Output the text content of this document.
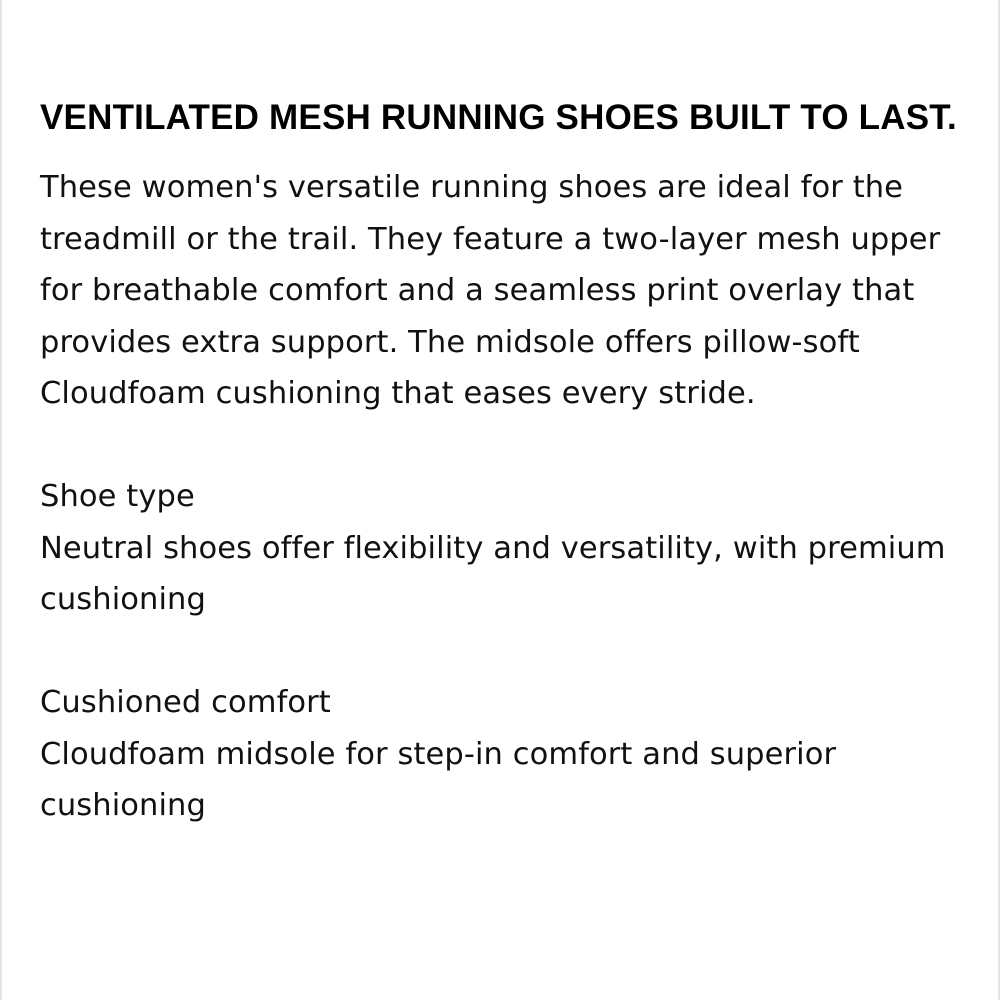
VENTILATED MESH RUNNING SHOES BUILT TO LAST.

These women's versatile running shoes are ideal for the treadmill or the trail. They feature a two-layer mesh upper for breathable comfort and a seamless print overlay that provides extra support. The midsole offers pillow-soft Cloudfoam cushioning that eases every stride.

Shoe type
Neutral shoes offer flexibility and versatility, with premium cushioning
Cushioned comfort
Cloudfoam midsole for step-in comfort and superior cushioning
